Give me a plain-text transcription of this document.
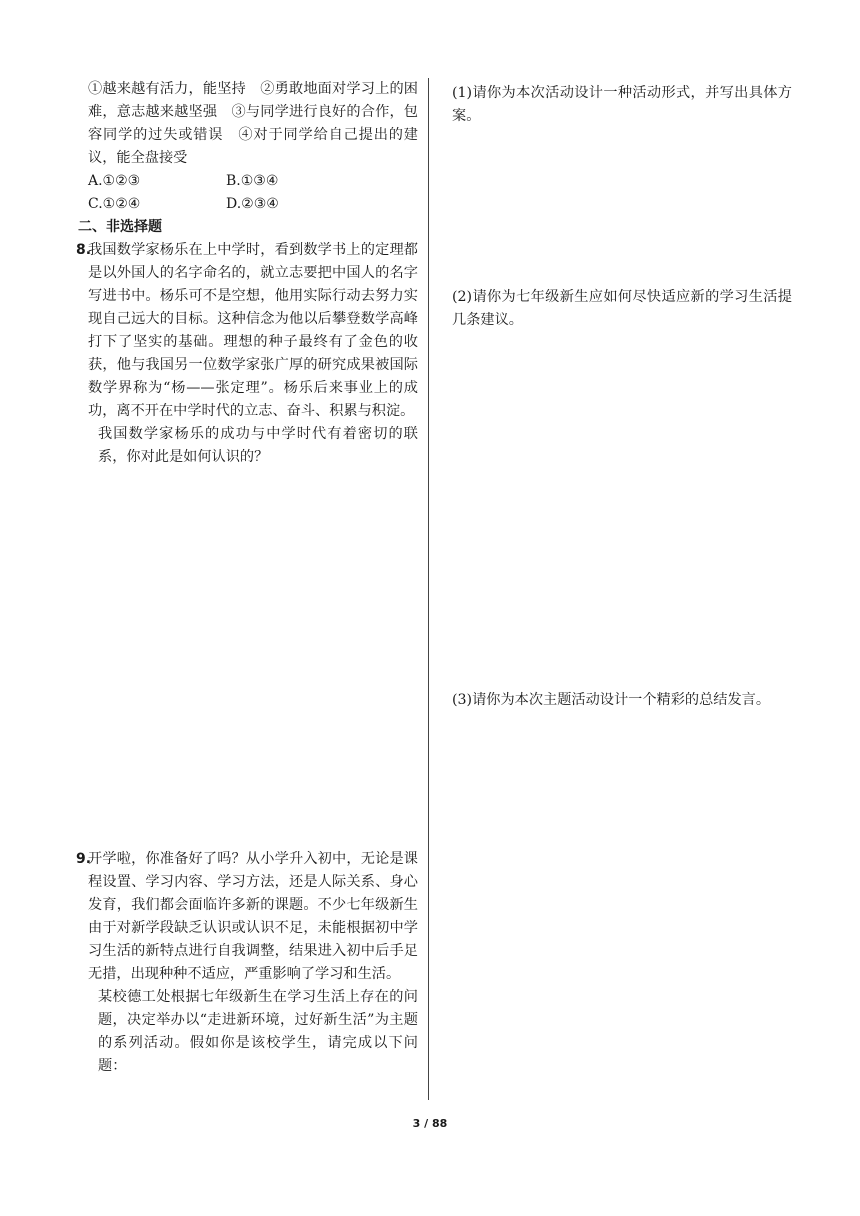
①越来越有活力，能坚持　②勇敢地面对学习上的困难，意志越来越坚强　③与同学进行良好的合作，包容同学的过失或错误　④对于同学给自己提出的建议，能全盘接受

A.①②③	B.①③④
C.①②④	D.②③④

二、非选择题

8.

我国数学家杨乐在上中学时，看到数学书上的定理都是以外国人的名字命名的，就立志要把中国人的名字写进书中。杨乐可不是空想，他用实际行动去努力实现自己远大的目标。这种信念为他以后攀登数学高峰打下了坚实的基础。理想的种子最终有了金色的收获，他与我国另一位数学家张广厚的研究成果被国际数学界称为“杨——张定理”。杨乐后来事业上的成功，离不开在中学时代的立志、奋斗、积累与积淀。

我国数学家杨乐的成功与中学时代有着密切的联系，你对此是如何认识的？

9.

开学啦，你准备好了吗？从小学升入初中，无论是课程设置、学习内容、学习方法，还是人际关系、身心发育，我们都会面临许多新的课题。不少七年级新生由于对新学段缺乏认识或认识不足，未能根据初中学习生活的新特点进行自我调整，结果进入初中后手足无措，出现种种不适应，严重影响了学习和生活。

某校德工处根据七年级新生在学习生活上存在的问题，决定举办以“走进新环境，过好新生活”为主题的系列活动。假如你是该校学生，请完成以下问题：

(1)请你为本次活动设计一种活动形式，并写出具体方案。

(2)请你为七年级新生应如何尽快适应新的学习生活提几条建议。

(3)请你为本次主题活动设计一个精彩的总结发言。

3 / 88
